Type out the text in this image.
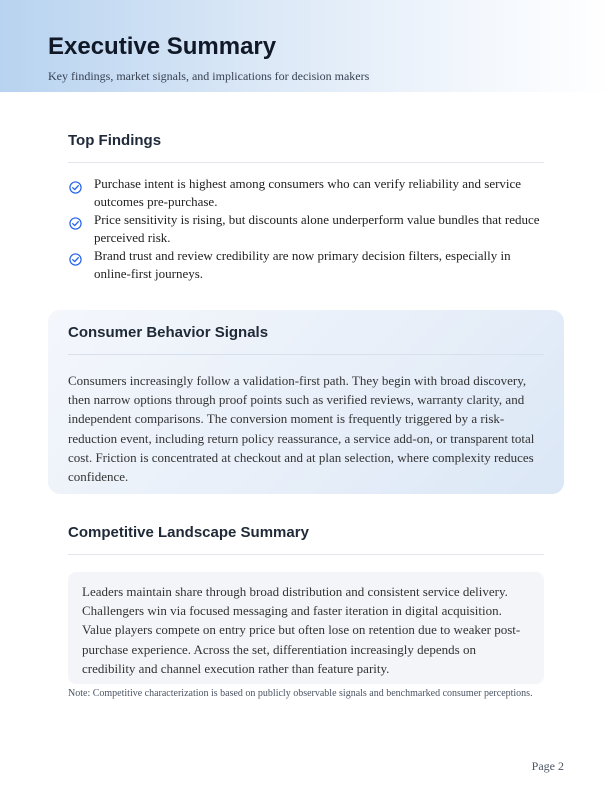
Executive Summary
Key findings, market signals, and implications for decision makers
Top Findings
Purchase intent is highest among consumers who can verify reliability and service outcomes pre-purchase.
Price sensitivity is rising, but discounts alone underperform value bundles that reduce perceived risk.
Brand trust and review credibility are now primary decision filters, especially in online-first journeys.
Consumer Behavior Signals
Consumers increasingly follow a validation-first path. They begin with broad discovery, then narrow options through proof points such as verified reviews, warranty clarity, and independent comparisons. The conversion moment is frequently triggered by a risk-reduction event, including return policy reassurance, a service add-on, or transparent total cost. Friction is concentrated at checkout and at plan selection, where complexity reduces confidence.
Competitive Landscape Summary
Leaders maintain share through broad distribution and consistent service delivery. Challengers win via focused messaging and faster iteration in digital acquisition. Value players compete on entry price but often lose on retention due to weaker post-purchase experience. Across the set, differentiation increasingly depends on credibility and channel execution rather than feature parity.
Note: Competitive characterization is based on publicly observable signals and benchmarked consumer perceptions.
Page 2
